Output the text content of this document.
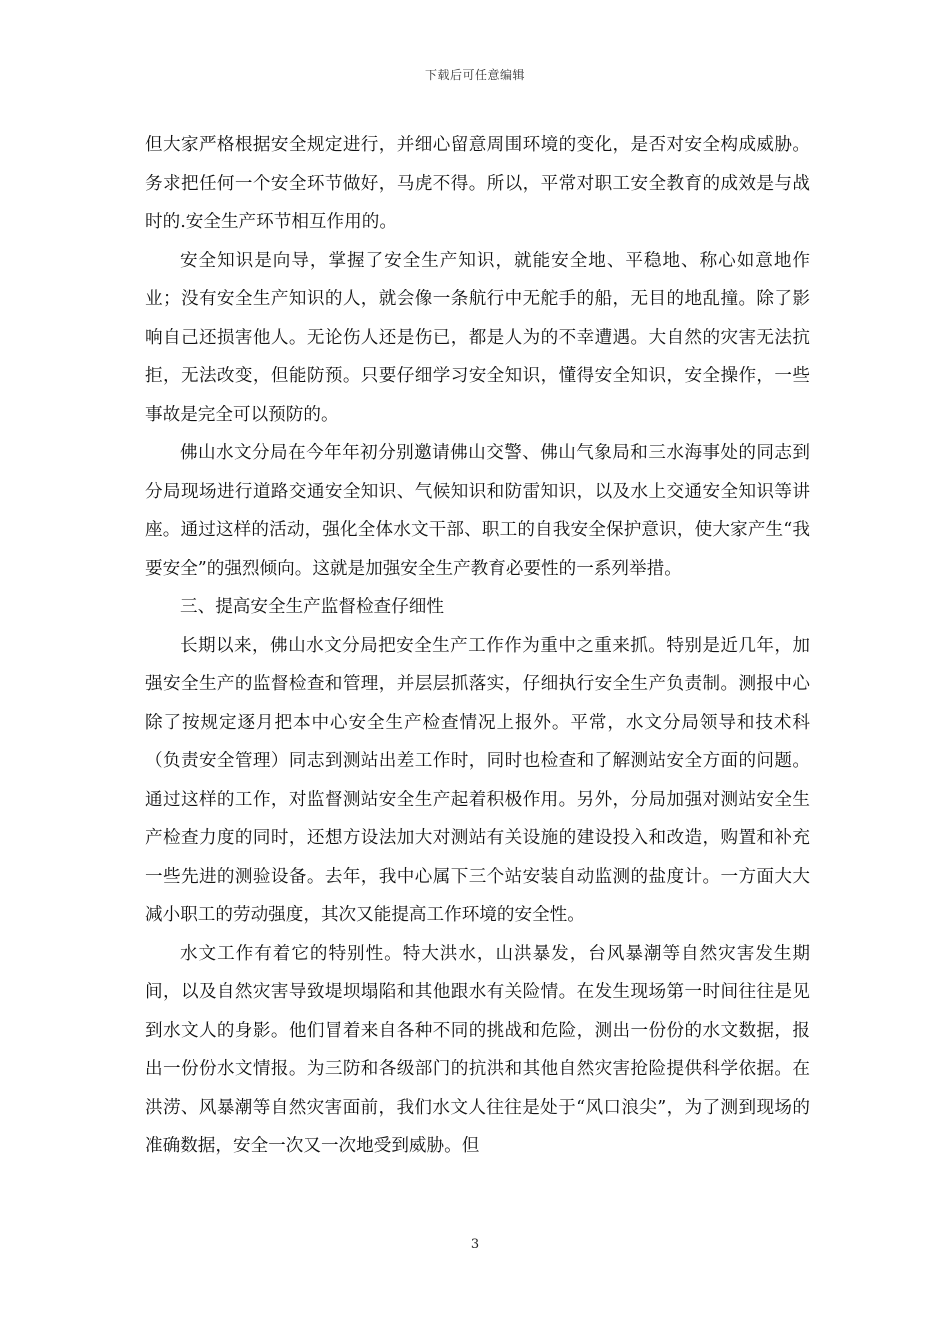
下载后可任意编辑

但大家严格根据安全规定进行，并细心留意周围环境的变化，是否对安全构成威胁。务求把任何一个安全环节做好，马虎不得。所以，平常对职工安全教育的成效是与战时的.安全生产环节相互作用的。

安全知识是向导，掌握了安全生产知识，就能安全地、平稳地、称心如意地作业；没有安全生产知识的人，就会像一条航行中无舵手的船，无目的地乱撞。除了影响自己还损害他人。无论伤人还是伤已，都是人为的不幸遭遇。大自然的灾害无法抗拒，无法改变，但能防预。只要仔细学习安全知识，懂得安全知识，安全操作，一些事故是完全可以预防的。

佛山水文分局在今年年初分别邀请佛山交警、佛山气象局和三水海事处的同志到分局现场进行道路交通安全知识、气候知识和防雷知识，以及水上交通安全知识等讲座。通过这样的活动，强化全体水文干部、职工的自我安全保护意识，使大家产生“我要安全”的强烈倾向。这就是加强安全生产教育必要性的一系列举措。

三、提高安全生产监督检查仔细性

长期以来，佛山水文分局把安全生产工作作为重中之重来抓。特别是近几年，加强安全生产的监督检查和管理，并层层抓落实，仔细执行安全生产负责制。测报中心除了按规定逐月把本中心安全生产检查情况上报外。平常，水文分局领导和技术科（负责安全管理）同志到测站出差工作时，同时也检查和了解测站安全方面的问题。通过这样的工作，对监督测站安全生产起着积极作用。另外，分局加强对测站安全生产检查力度的同时，还想方设法加大对测站有关设施的建设投入和改造，购置和补充一些先进的测验设备。去年，我中心属下三个站安装自动监测的盐度计。一方面大大减小职工的劳动强度，其次又能提高工作环境的安全性。

水文工作有着它的特别性。特大洪水，山洪暴发，台风暴潮等自然灾害发生期间，以及自然灾害导致堤坝塌陷和其他跟水有关险情。在发生现场第一时间往往是见到水文人的身影。他们冒着来自各种不同的挑战和危险，测出一份份的水文数据，报出一份份水文情报。为三防和各级部门的抗洪和其他自然灾害抢险提供科学依据。在洪涝、风暴潮等自然灾害面前，我们水文人往往是处于“风口浪尖”，为了测到现场的准确数据，安全一次又一次地受到威胁。但

3
